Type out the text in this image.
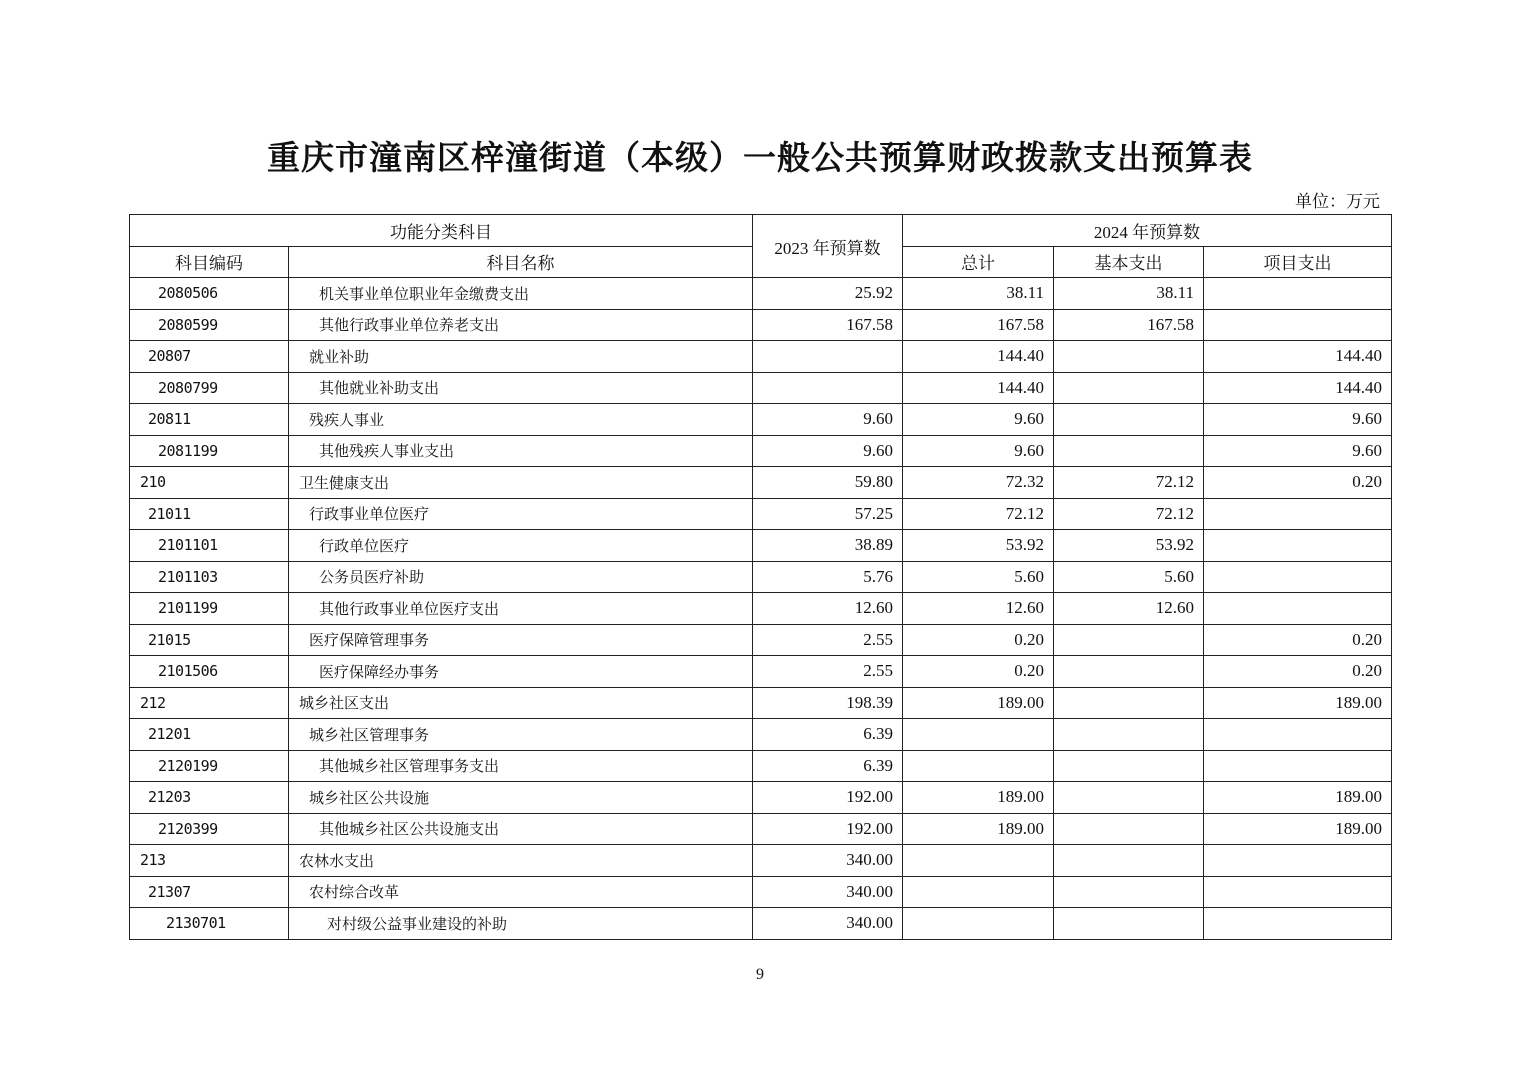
重庆市潼南区梓潼街道（本级）一般公共预算财政拨款支出预算表
单位：万元
功能分类科目		2023 年预算数	2024 年预算数		
科目编码	科目名称		总计	基本支出	项目支出
2080506	机关事业单位职业年金缴费支出	25.92	38.11	38.11	
2080599	其他行政事业单位养老支出	167.58	167.58	167.58	
20807	就业补助		144.40		144.40
2080799	其他就业补助支出		144.40		144.40
20811	残疾人事业	9.60	9.60		9.60
2081199	其他残疾人事业支出	9.60	9.60		9.60
210	卫生健康支出	59.80	72.32	72.12	0.20
21011	行政事业单位医疗	57.25	72.12	72.12	
2101101	行政单位医疗	38.89	53.92	53.92	
2101103	公务员医疗补助	5.76	5.60	5.60	
2101199	其他行政事业单位医疗支出	12.60	12.60	12.60	
21015	医疗保障管理事务	2.55	0.20		0.20
2101506	医疗保障经办事务	2.55	0.20		0.20
212	城乡社区支出	198.39	189.00		189.00
21201	城乡社区管理事务	6.39			
2120199	其他城乡社区管理事务支出	6.39			
21203	城乡社区公共设施	192.00	189.00		189.00
2120399	其他城乡社区公共设施支出	192.00	189.00		189.00
213	农林水支出	340.00			
21307	农村综合改革	340.00			
2130701	对村级公益事业建设的补助	340.00			
9
